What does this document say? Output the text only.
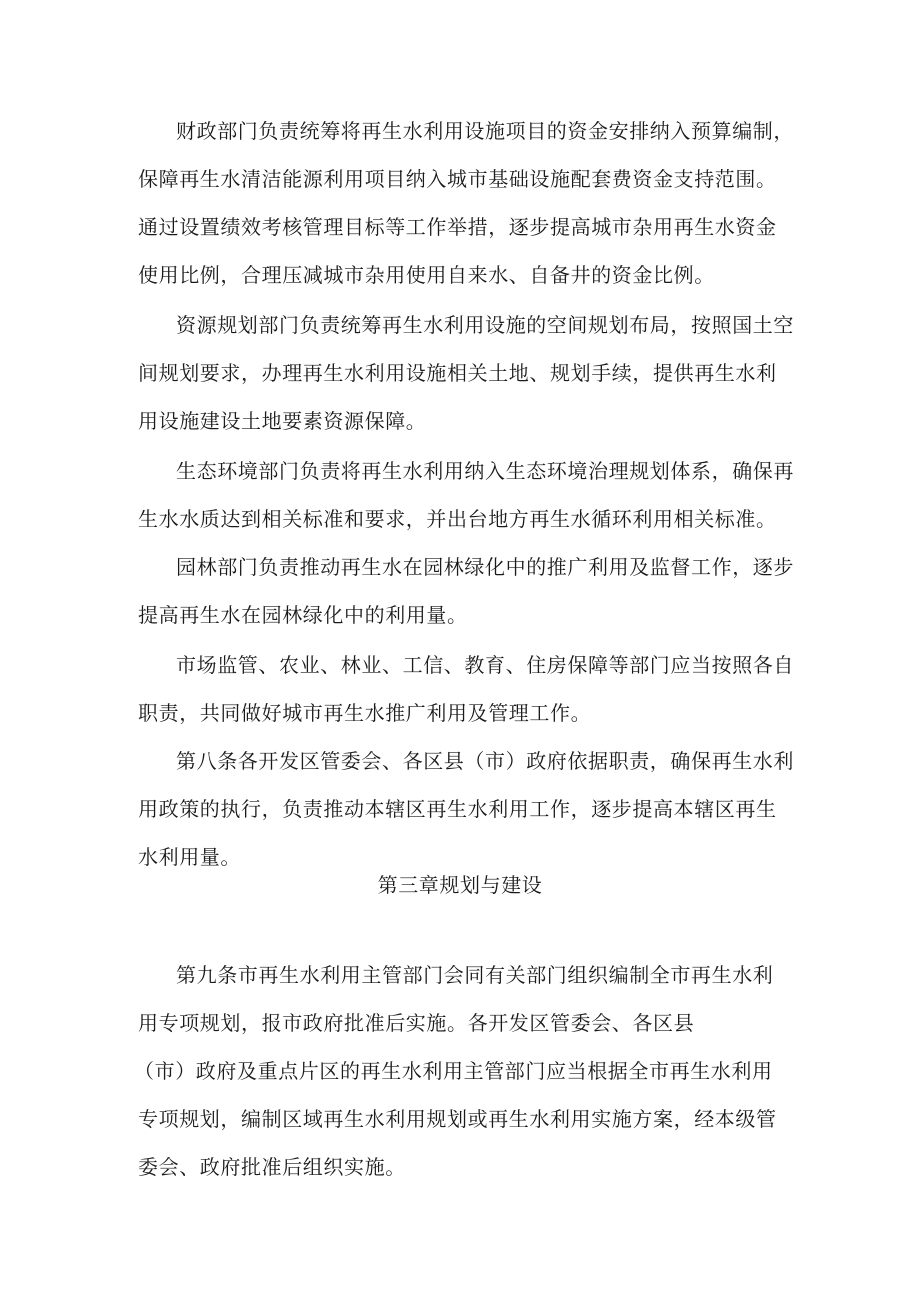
财政部门负责统筹将再生水利用设施项目的资金安排纳入预算编制，
保障再生水清洁能源利用项目纳入城市基础设施配套费资金支持范围。
通过设置绩效考核管理目标等工作举措，逐步提高城市杂用再生水资金
使用比例，合理压减城市杂用使用自来水、自备井的资金比例。
资源规划部门负责统筹再生水利用设施的空间规划布局，按照国土空
间规划要求，办理再生水利用设施相关土地、规划手续，提供再生水利
用设施建设土地要素资源保障。
生态环境部门负责将再生水利用纳入生态环境治理规划体系，确保再
生水水质达到相关标准和要求，并出台地方再生水循环利用相关标准。
园林部门负责推动再生水在园林绿化中的推广利用及监督工作，逐步
提高再生水在园林绿化中的利用量。
市场监管、农业、林业、工信、教育、住房保障等部门应当按照各自
职责，共同做好城市再生水推广利用及管理工作。
第八条各开发区管委会、各区县（市）政府依据职责，确保再生水利
用政策的执行，负责推动本辖区再生水利用工作，逐步提高本辖区再生
水利用量。
第三章规划与建设
第九条市再生水利用主管部门会同有关部门组织编制全市再生水利
用专项规划，报市政府批准后实施。各开发区管委会、各区县
（市）政府及重点片区的再生水利用主管部门应当根据全市再生水利用
专项规划，编制区域再生水利用规划或再生水利用实施方案，经本级管
委会、政府批准后组织实施。
